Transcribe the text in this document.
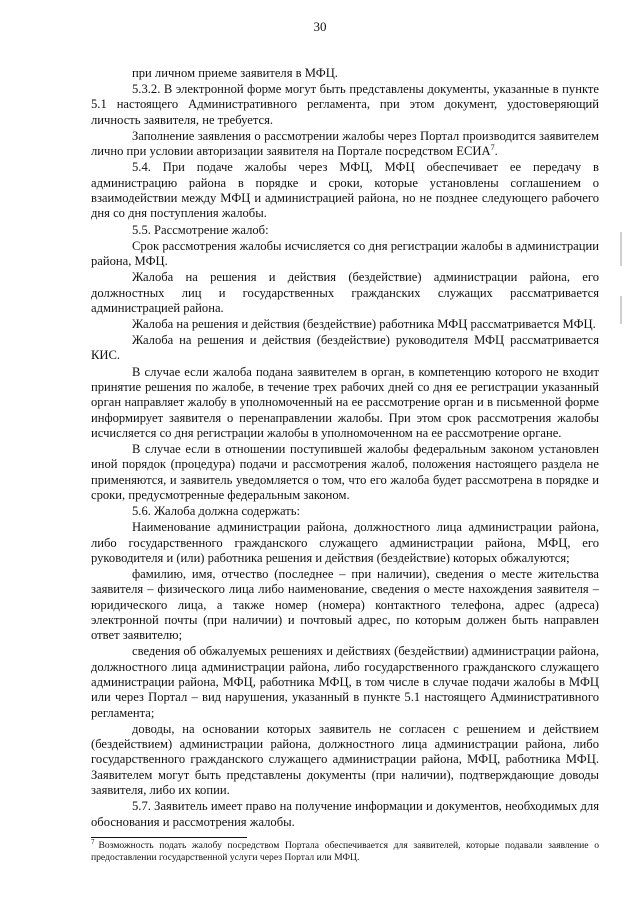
30

при личном приеме заявителя в МФЦ.

5.3.2. В электронной форме могут быть представлены документы, указанные в пункте 5.1 настоящего Административного регламента, при этом документ, удостоверяющий личность заявителя, не требуется.

Заполнение заявления о рассмотрении жалобы через Портал производится заявителем лично при условии авторизации заявителя на Портале посредством ЕСИА$^7$.

5.4. При подаче жалобы через МФЦ, МФЦ обеспечивает ее передачу в администрацию района в порядке и сроки, которые установлены соглашением о взаимодействии между МФЦ и администрацией района, но не позднее следующего рабочего дня со дня поступления жалобы.

5.5. Рассмотрение жалоб:

Срок рассмотрения жалобы исчисляется со дня регистрации жалобы в администрации района, МФЦ.

Жалоба на решения и действия (бездействие) администрации района, его должностных лиц и государственных гражданских служащих рассматривается администрацией района.

Жалоба на решения и действия (бездействие) работника МФЦ рассматривается МФЦ.

Жалоба на решения и действия (бездействие) руководителя МФЦ рассматривается КИС.

В случае если жалоба подана заявителем в орган, в компетенцию которого не входит принятие решения по жалобе, в течение трех рабочих дней со дня ее регистрации указанный орган направляет жалобу в уполномоченный на ее рассмотрение орган и в письменной форме информирует заявителя о перенаправлении жалобы. При этом срок рассмотрения жалобы исчисляется со дня регистрации жалобы в уполномоченном на ее рассмотрение органе.

В случае если в отношении поступившей жалобы федеральным законом установлен иной порядок (процедура) подачи и рассмотрения жалоб, положения настоящего раздела не применяются, и заявитель уведомляется о том, что его жалоба будет рассмотрена в порядке и сроки, предусмотренные федеральным законом.

5.6. Жалоба должна содержать:

Наименование администрации района, должностного лица администрации района, либо государственного гражданского служащего администрации района, МФЦ, его руководителя и (или) работника решения и действия (бездействие) которых обжалуются;

фамилию, имя, отчество (последнее – при наличии), сведения о месте жительства заявителя – физического лица либо наименование, сведения о месте нахождения заявителя – юридического лица, а также номер (номера) контактного телефона, адрес (адреса) электронной почты (при наличии) и почтовый адрес, по которым должен быть направлен ответ заявителю;

сведения об обжалуемых решениях и действиях (бездействии) администрации района, должностного лица администрации района, либо государственного гражданского служащего администрации района, МФЦ, работника МФЦ, в том числе в случае подачи жалобы в МФЦ или через Портал – вид нарушения, указанный в пункте 5.1 настоящего Административного регламента;

доводы, на основании которых заявитель не согласен с решением и действием (бездействием) администрации района, должностного лица администрации района, либо государственного гражданского служащего администрации района, МФЦ, работника МФЦ. Заявителем могут быть представлены документы (при наличии), подтверждающие доводы заявителя, либо их копии.

5.7. Заявитель имеет право на получение информации и документов, необходимых для обоснования и рассмотрения жалобы.

$^7$ Возможность подать жалобу посредством Портала обеспечивается для заявителей, которые подавали заявление о предоставлении государственной услуги через Портал или МФЦ.
